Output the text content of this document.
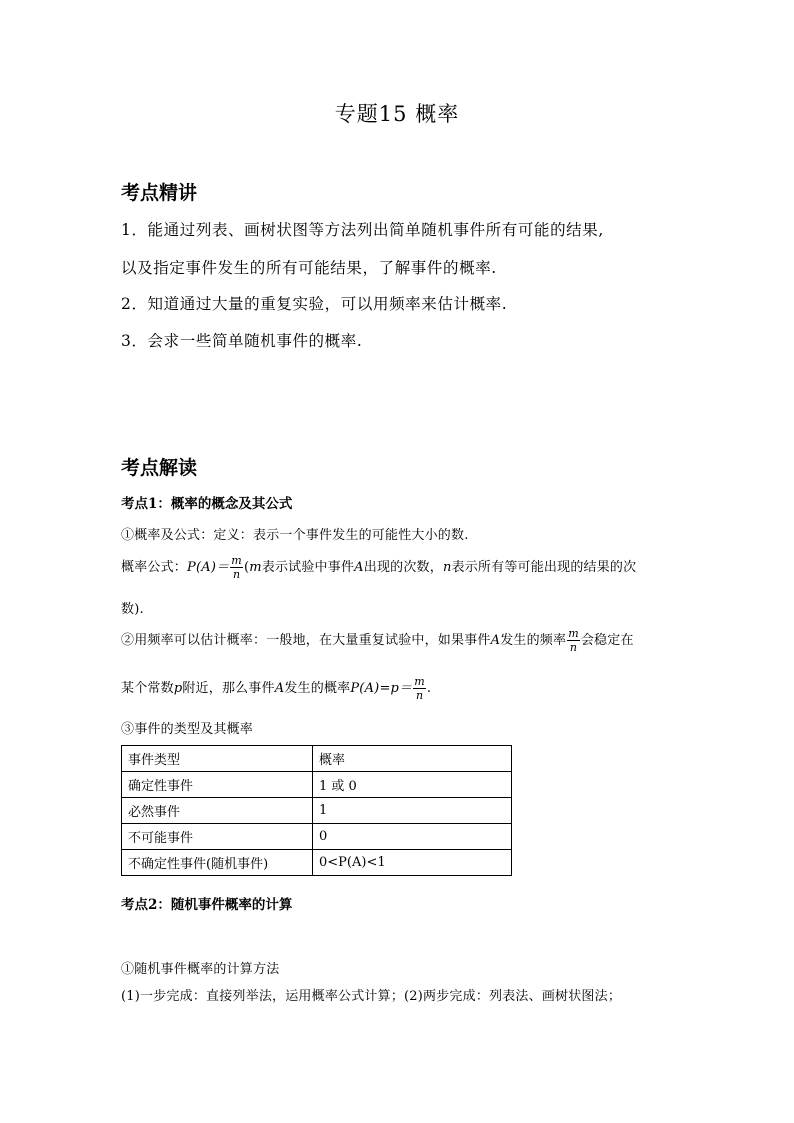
专题15 概率
考点精讲
1．能通过列表、画树状图等方法列出简单随机事件所有可能的结果,
以及指定事件发生的所有可能结果，了解事件的概率.
2．知道通过大量的重复实验，可以用频率来估计概率.
3．会求一些简单随机事件的概率.
考点解读
考点1：概率的概念及其公式
①概率及公式：定义：表示一个事件发生的可能性大小的数.
概率公式：$P(A)= \frac{m}{n} (m$表示试验中事件A出现的次数，n表示所有等可能出现的结果的次
数).
②用频率可以估计概率：一般地，在大量重复试验中，如果事件A发生的频率 $\frac{m}{n}$ 会稳定在
某个常数p附近，那么事件A发生的概率$P(A)=p= \frac{m}{n}$ .
③事件的类型及其概率
事件类型	概率
确定性事件	1 或 0
必然事件	1
不可能事件	0
不确定性事件(随机事件)	0<P(A)<1
考点2：随机事件概率的计算
①随机事件概率的计算方法
(1)一步完成：直接列举法，运用概率公式计算；(2)两步完成：列表法、画树状图法；
